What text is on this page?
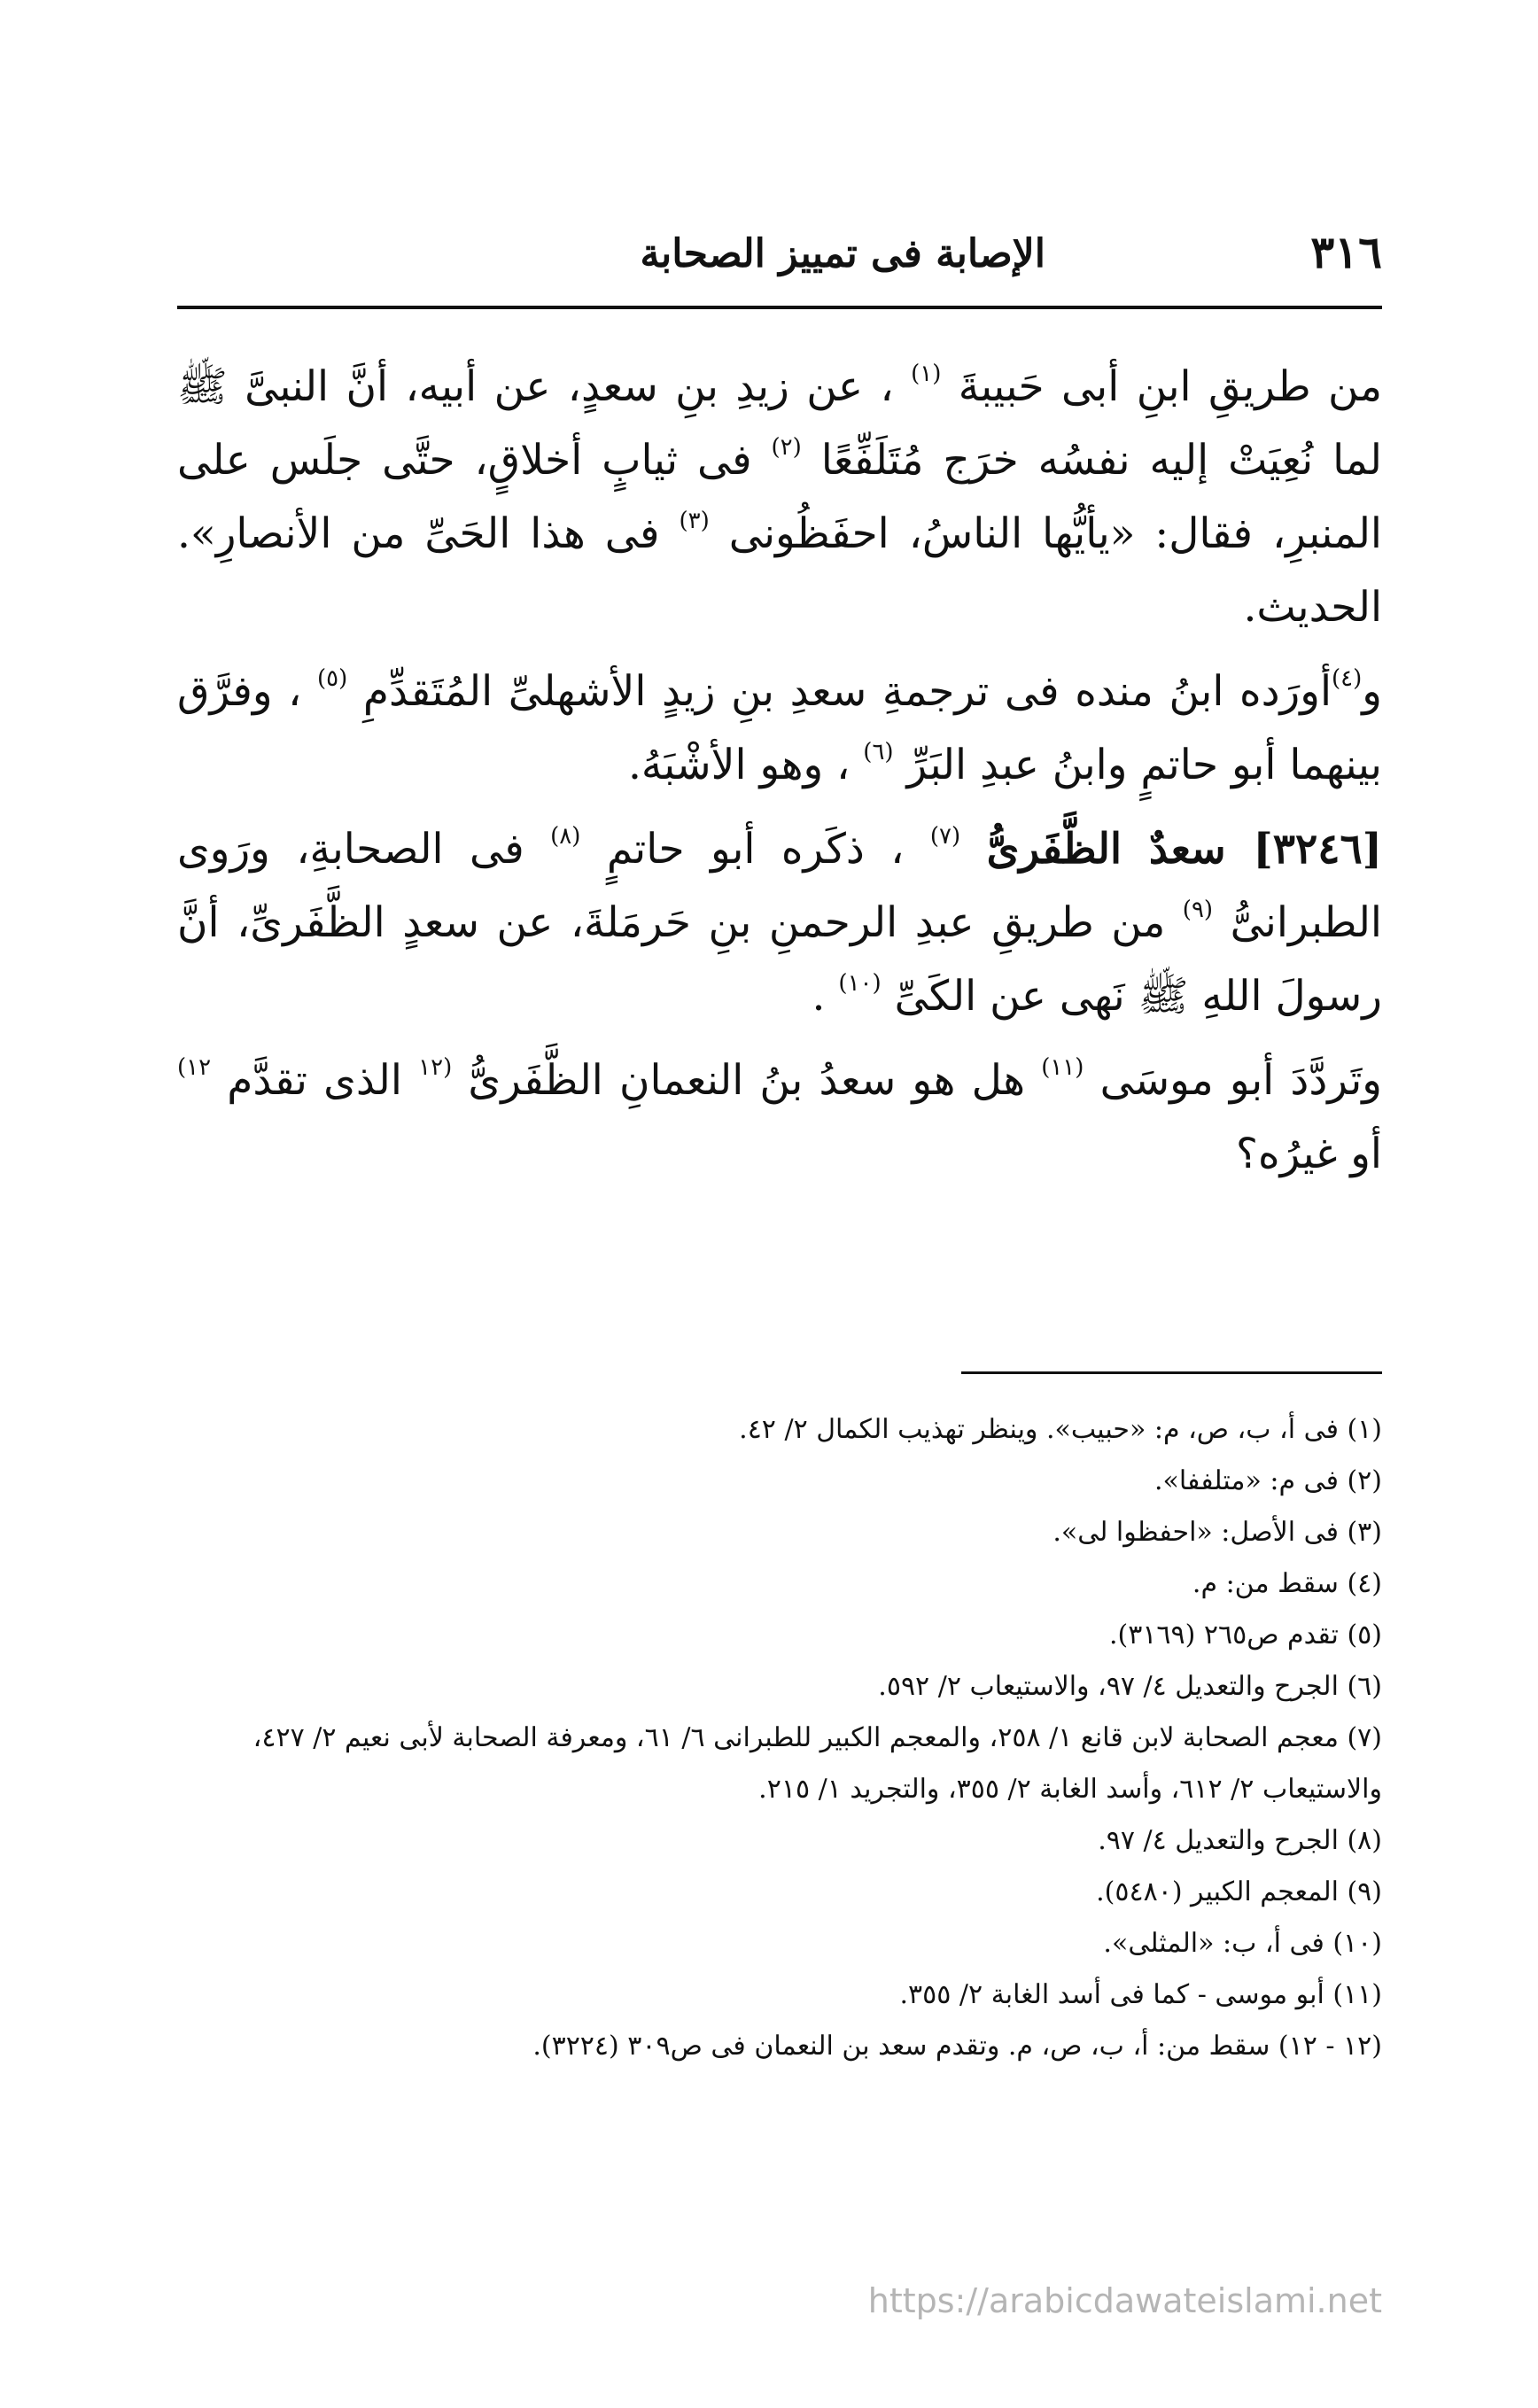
٣١٦
الإصابة فى تمييز الصحابة

من طريقِ ابنِ أبى حَبيبةَ $^{(١)}$ ، عن زيدِ بنِ سعدٍ، عن أبيه، أنَّ النبىَّ ﷺ لما نُعِيَتْ إليه نفسُه خرَج مُتَلَفِّعًا $^{(٢)}$ فى ثيابٍ أخلاقٍ، حتَّى جلَس على المنبرِ، فقال: «يأيُّها الناسُ، احفَظُونى $^{(٣)}$ فى هذا الحَىِّ من الأنصارِ». الحديث.

و$^{(٤)}$أورَده ابنُ منده فى ترجمةِ سعدِ بنِ زيدٍ الأشهلىِّ المُتَقدِّمِ $^{(٥)}$ ، وفرَّق بينهما أبو حاتمٍ وابنُ عبدِ البَرِّ $^{(٦)}$ ، وهو الأشْبَهُ.

[٣٢٤٦] سعدٌ الظَّفَرىُّ $^{(٧)}$ ، ذكَره أبو حاتمٍ $^{(٨)}$ فى الصحابةِ، ورَوى الطبرانىُّ $^{(٩)}$ من طريقِ عبدِ الرحمنِ بنِ حَرمَلةَ، عن سعدٍ الظَّفَرىِّ، أنَّ رسولَ اللهِ ﷺ نَهى عن الكَىِّ $^{(١٠)}$ .

وتَردَّدَ أبو موسَى $^{(١١)}$ هل هو سعدُ بنُ النعمانِ الظَّفَرىُّ $^{(١٢}$ الذى تقدَّم $^{١٢)}$ أو غيرُه؟

(١) فى أ، ب، ص، م: «حبيب». وينظر تهذيب الكمال ٢/ ٤٢.

(٢) فى م: «متلففا».

(٣) فى الأصل: «احفظوا لى».

(٤) سقط من: م.

(٥) تقدم ص٢٦٥ (٣١٦٩).

(٦) الجرح والتعديل ٤/ ٩٧، والاستيعاب ٢/ ٥٩٢.

(٧) معجم الصحابة لابن قانع ١/ ٢٥٨، والمعجم الكبير للطبرانى ٦/ ٦١، ومعرفة الصحابة لأبى نعيم ٢/ ٤٢٧، والاستيعاب ٢/ ٦١٢، وأسد الغابة ٢/ ٣٥٥، والتجريد ١/ ٢١٥.

(٨) الجرح والتعديل ٤/ ٩٧.

(٩) المعجم الكبير (٥٤٨٠).

(١٠) فى أ، ب: «المثلى».

(١١) أبو موسى - كما فى أسد الغابة ٢/ ٣٥٥.

(١٢ - ١٢) سقط من: أ، ب، ص، م. وتقدم سعد بن النعمان فى ص٣٠٩ (٣٢٢٤).

https://arabicdawateislami.net
